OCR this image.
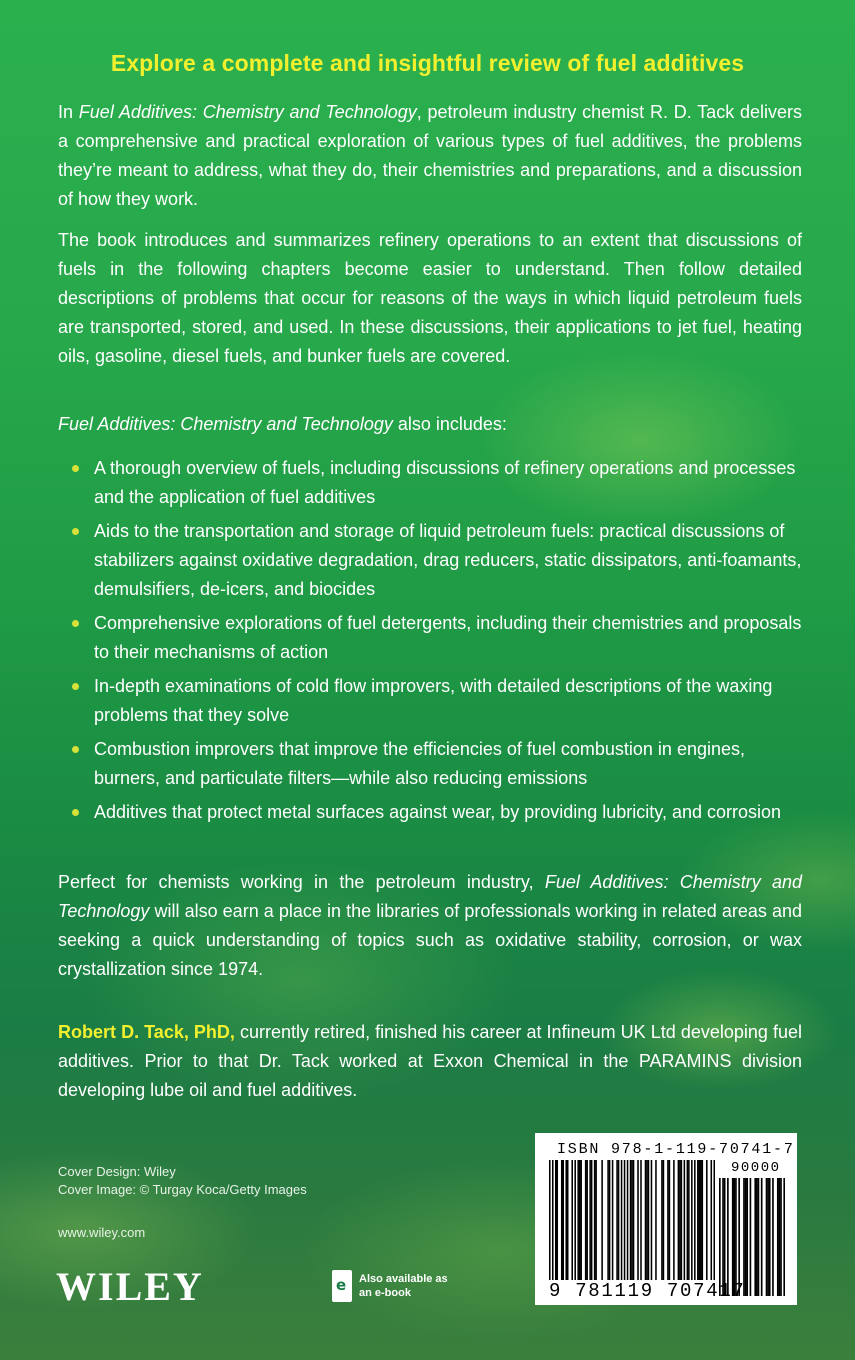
Explore a complete and insightful review of fuel additives
In Fuel Additives: Chemistry and Technology, petroleum industry chemist R. D. Tack delivers a comprehensive and practical exploration of various types of fuel additives, the problems they’re meant to address, what they do, their chemistries and preparations, and a discussion of how they work.
The book introduces and summarizes refinery operations to an extent that discussions of fuels in the following chapters become easier to understand. Then follow detailed descriptions of problems that occur for reasons of the ways in which liquid petroleum fuels are transported, stored, and used. In these discussions, their applications to jet fuel, heating oils, gasoline, diesel fuels, and bunker fuels are covered.
Fuel Additives: Chemistry and Technology also includes:
A thorough overview of fuels, including discussions of refinery operations and processes and the application of fuel additives
Aids to the transportation and storage of liquid petroleum fuels: practical discussions of stabilizers against oxidative degradation, drag reducers, static dissipators, anti-foamants, demulsifiers, de-icers, and biocides
Comprehensive explorations of fuel detergents, including their chemistries and proposals to their mechanisms of action
In-depth examinations of cold flow improvers, with detailed descriptions of the waxing problems that they solve
Combustion improvers that improve the efficiencies of fuel combustion in engines, burners, and particulate filters—while also reducing emissions
Additives that protect metal surfaces against wear, by providing lubricity, and corrosion
Perfect for chemists working in the petroleum industry, Fuel Additives: Chemistry and Technology will also earn a place in the libraries of professionals working in related areas and seeking a quick understanding of topics such as oxidative stability, corrosion, or wax crystallization since 1974.
Robert D. Tack, PhD, currently retired, finished his career at Infineum UK Ltd developing fuel additives. Prior to that Dr. Tack worked at Exxon Chemical in the PARAMINS division developing lube oil and fuel additives.
Cover Design: Wiley
Cover Image: © Turgay Koca/Getty Images
www.wiley.com
WILEY
e	Also available as an e-book
ISBN 978-1-119-70741-7
90000
9 781119 707417
